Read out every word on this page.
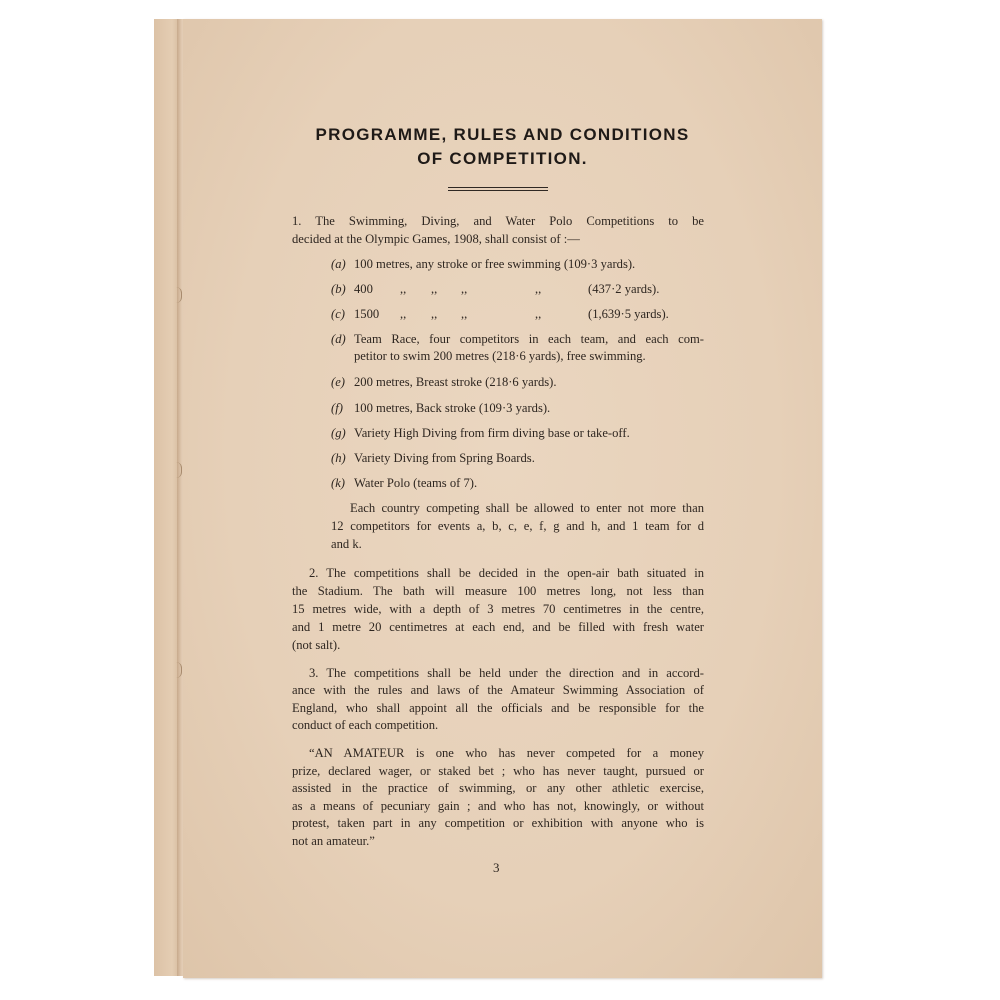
PROGRAMME, RULES AND CONDITIONS
OF COMPETITION.
1. The Swimming, Diving, and Water Polo Competitions to be
decided at the Olympic Games, 1908, shall consist of :—
(a) 100 metres, any stroke or free swimming (109·3 yards).
(b) 400 ,, ,, ,,	,,	(437·2 yards).
(c) 1500 ,, ,, ,,	,,	(1,639·5 yards).
(d) Team Race, four competitors in each team, and each com-
petitor to swim 200 metres (218·6 yards), free swimming.
(e) 200 metres, Breast stroke (218·6 yards).
(f) 100 metres, Back stroke (109·3 yards).
(g) Variety High Diving from firm diving base or take-off.
(h) Variety Diving from Spring Boards.
(k) Water Polo (teams of 7).
Each country competing shall be allowed to enter not more than
12 competitors for events a, b, c, e, f, g and h, and 1 team for d
and k.
2. The competitions shall be decided in the open-air bath situated in
the Stadium. The bath will measure 100 metres long, not less than
15 metres wide, with a depth of 3 metres 70 centimetres in the centre,
and 1 metre 20 centimetres at each end, and be filled with fresh water
(not salt).
3. The competitions shall be held under the direction and in accord-
ance with the rules and laws of the Amateur Swimming Association of
England, who shall appoint all the officials and be responsible for the
conduct of each competition.
“AN AMATEUR is one who has never competed for a money
prize, declared wager, or staked bet ; who has never taught, pursued or
assisted in the practice of swimming, or any other athletic exercise,
as a means of pecuniary gain ; and who has not, knowingly, or without
protest, taken part in any competition or exhibition with anyone who is
not an amateur.”
3
